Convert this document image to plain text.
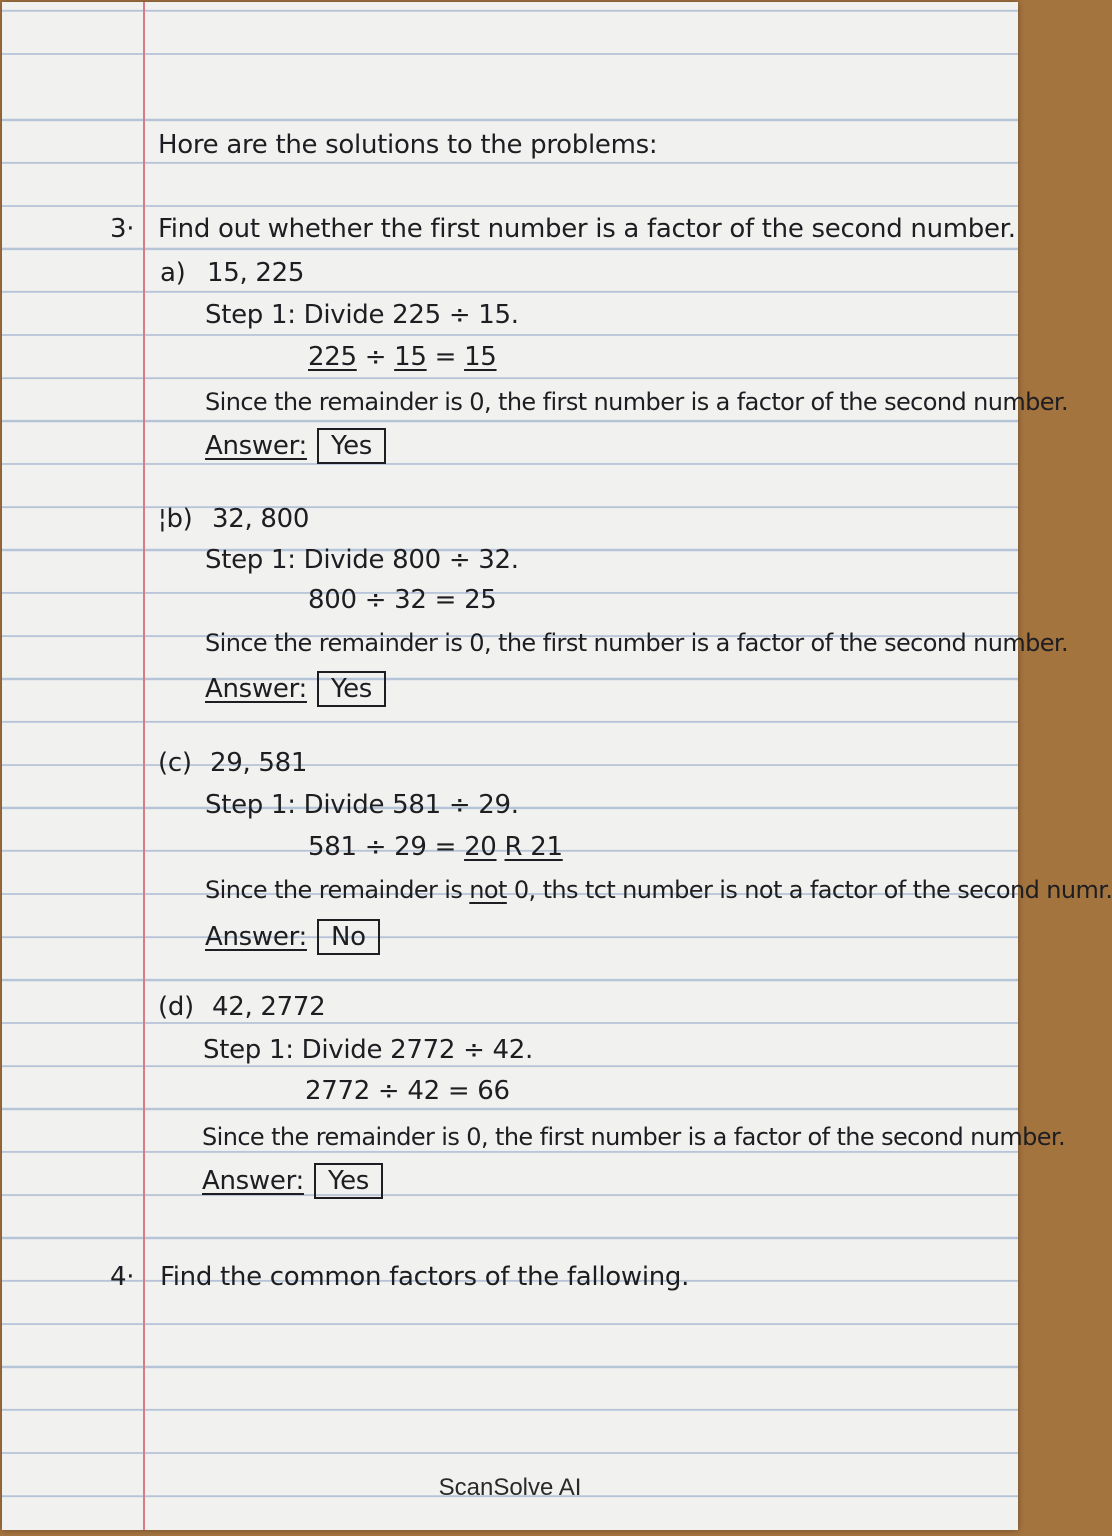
Hore are the solutions to the problems:
3· Find out whether the first number is a factor of the second number.
a) 15, 225
Step 1: Divide 225 ÷ 15.
225 ÷ 15 = 15
Since the remainder is 0, the first number is a factor of the second number.
Answer: Yes
¦b) 32, 800
Step 1: Divide 800 ÷ 32.
800 ÷ 32 = 25
Since the remainder is 0, the first number is a factor of the second number.
Answer: Yes
(c) 29, 581
Step 1: Divide 581 ÷ 29.
581 ÷ 29 = 20 R 21
Since the remainder is not 0, ths tct number is not a factor of the second numr.
Answer: No
(d) 42, 2772
Step 1: Divide 2772 ÷ 42.
2772 ÷ 42 = 66
Since the remainder is 0, the first number is a factor of the second number.
Answer: Yes
4· Find the common factors of the fallowing.
ScanSolve AI
